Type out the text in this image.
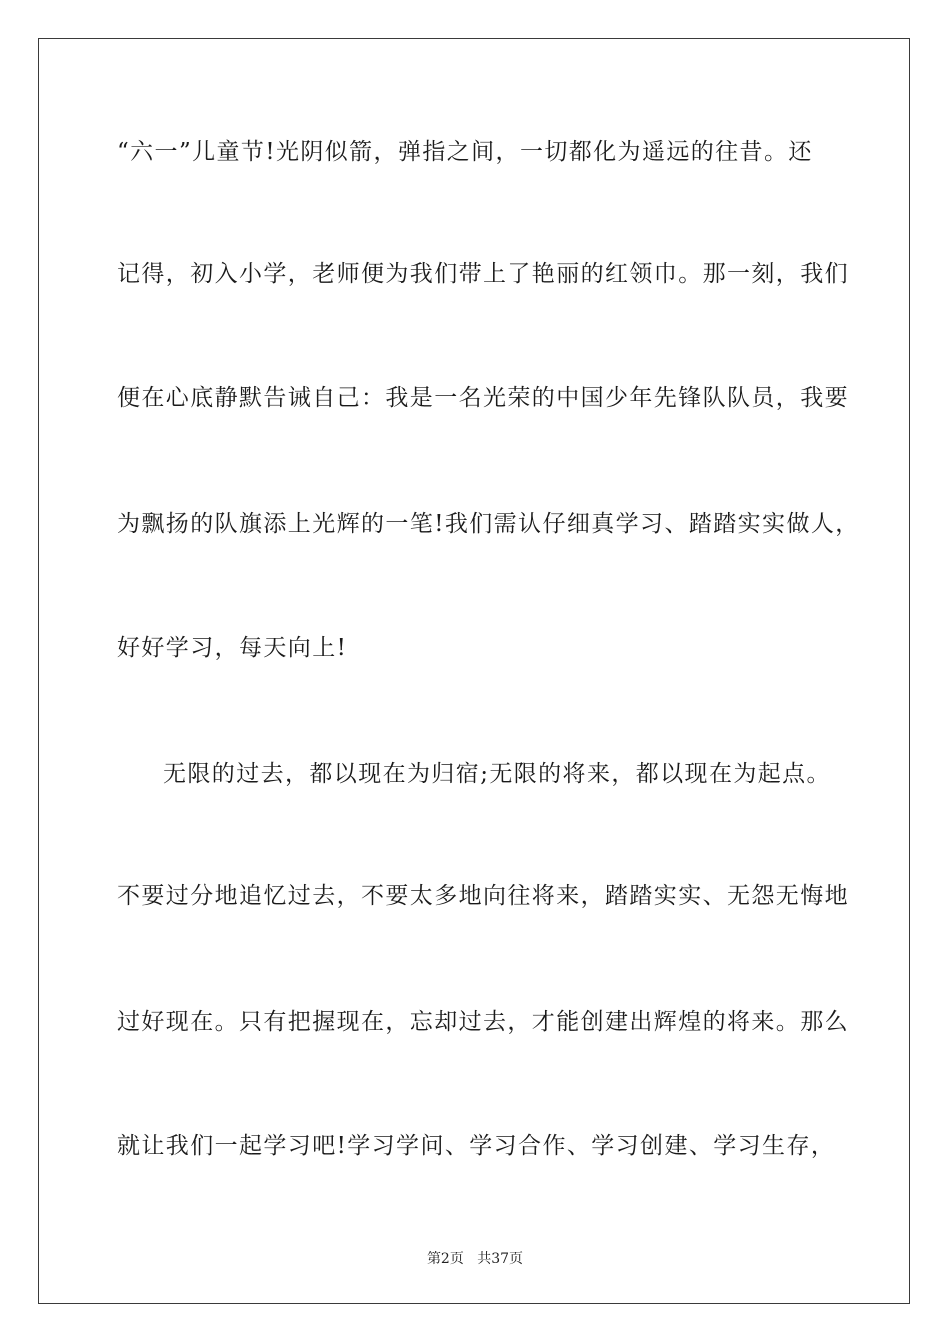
“六一”儿童节!光阴似箭，弹指之间，一切都化为遥远的往昔。还
记得，初入小学，老师便为我们带上了艳丽的红领巾。那一刻，我们
便在心底静默告诫自己：我是一名光荣的中国少年先锋队队员，我要
为飘扬的队旗添上光辉的一笔!我们需认仔细真学习、踏踏实实做人，
好好学习，每天向上!
无限的过去，都以现在为归宿;无限的将来，都以现在为起点。
不要过分地追忆过去，不要太多地向往将来，踏踏实实、无怨无悔地
过好现在。只有把握现在，忘却过去，才能创建出辉煌的将来。那么
就让我们一起学习吧!学习学问、学习合作、学习创建、学习生存，
第2页 共37页
